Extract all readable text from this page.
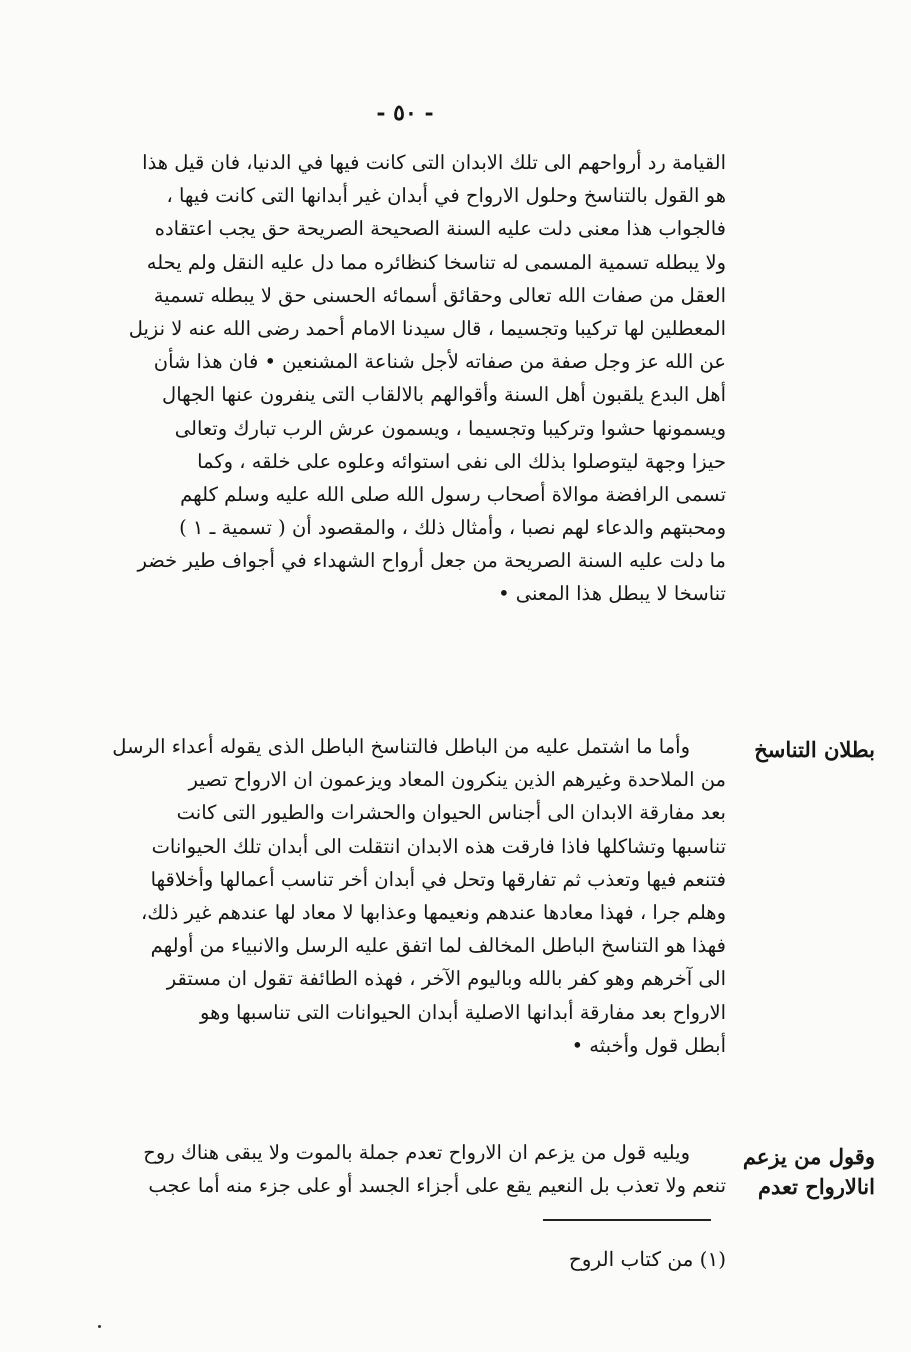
- ٥٠ -
القيامة رد أرواحهم الى تلك الابدان التى كانت فيها في الدنيا، فان قيل هذا
هو القول بالتناسخ وحلول الارواح في أبدان غير أبدانها التى كانت فيها ،
فالجواب هذا معنى دلت عليه السنة الصحيحة الصريحة حق يجب اعتقاده
ولا يبطله تسمية المسمى له تناسخا كنظائره مما دل عليه النقل ولم يحله
العقل من صفات الله تعالى وحقائق أسمائه الحسنى حق لا يبطله تسمية
المعطلين لها تركيبا وتجسيما ، قال سيدنا الامام أحمد رضى الله عنه لا نزيل
عن الله عز وجل صفة من صفاته لأجل شناعة المشنعين • فان هذا شأن
أهل البدع يلقبون أهل السنة وأقوالهم بالالقاب التى ينفرون عنها الجهال
ويسمونها حشوا وتركيبا وتجسيما ، ويسمون عرش الرب تبارك وتعالى
حيزا وجهة ليتوصلوا بذلك الى نفى استوائه وعلوه على خلقه ، وكما
تسمى الرافضة موالاة أصحاب رسول الله صلى الله عليه وسلم كلهم
ومحبتهم والدعاء لهم نصبا ، وأمثال ذلك ، والمقصود أن ( تسمية ـ ١ )
ما دلت عليه السنة الصريحة من جعل أرواح الشهداء في أجواف طير خضر
تناسخا لا يبطل هذا المعنى •
بطلان التناسخ
وأما ما اشتمل عليه من الباطل فالتناسخ الباطل الذى يقوله أعداء الرسل
من الملاحدة وغيرهم الذين ينكرون المعاد ويزعمون ان الارواح تصير
بعد مفارقة الابدان الى أجناس الحيوان والحشرات والطيور التى كانت
تناسبها وتشاكلها فاذا فارقت هذه الابدان انتقلت الى أبدان تلك الحيوانات
فتنعم فيها وتعذب ثم تفارقها وتحل في أبدان أخر تناسب أعمالها وأخلاقها
وهلم جرا ، فهذا معادها عندهم ونعيمها وعذابها لا معاد لها عندهم غير ذلك،
فهذا هو التناسخ الباطل المخالف لما اتفق عليه الرسل والانبياء من أولهم
الى آخرهم وهو كفر بالله وباليوم الآخر ، فهذه الطائفة تقول ان مستقر
الارواح بعد مفارقة أبدانها الاصلية أبدان الحيوانات التى تناسبها وهو
أبطل قول وأخبثه •
وقول من يزعم
انالارواح تعدم
ويليه قول من يزعم ان الارواح تعدم جملة بالموت ولا يبقى هناك روح
تنعم ولا تعذب بل النعيم يقع على أجزاء الجسد أو على جزء منه أما عجب
(١) من كتاب الروح
